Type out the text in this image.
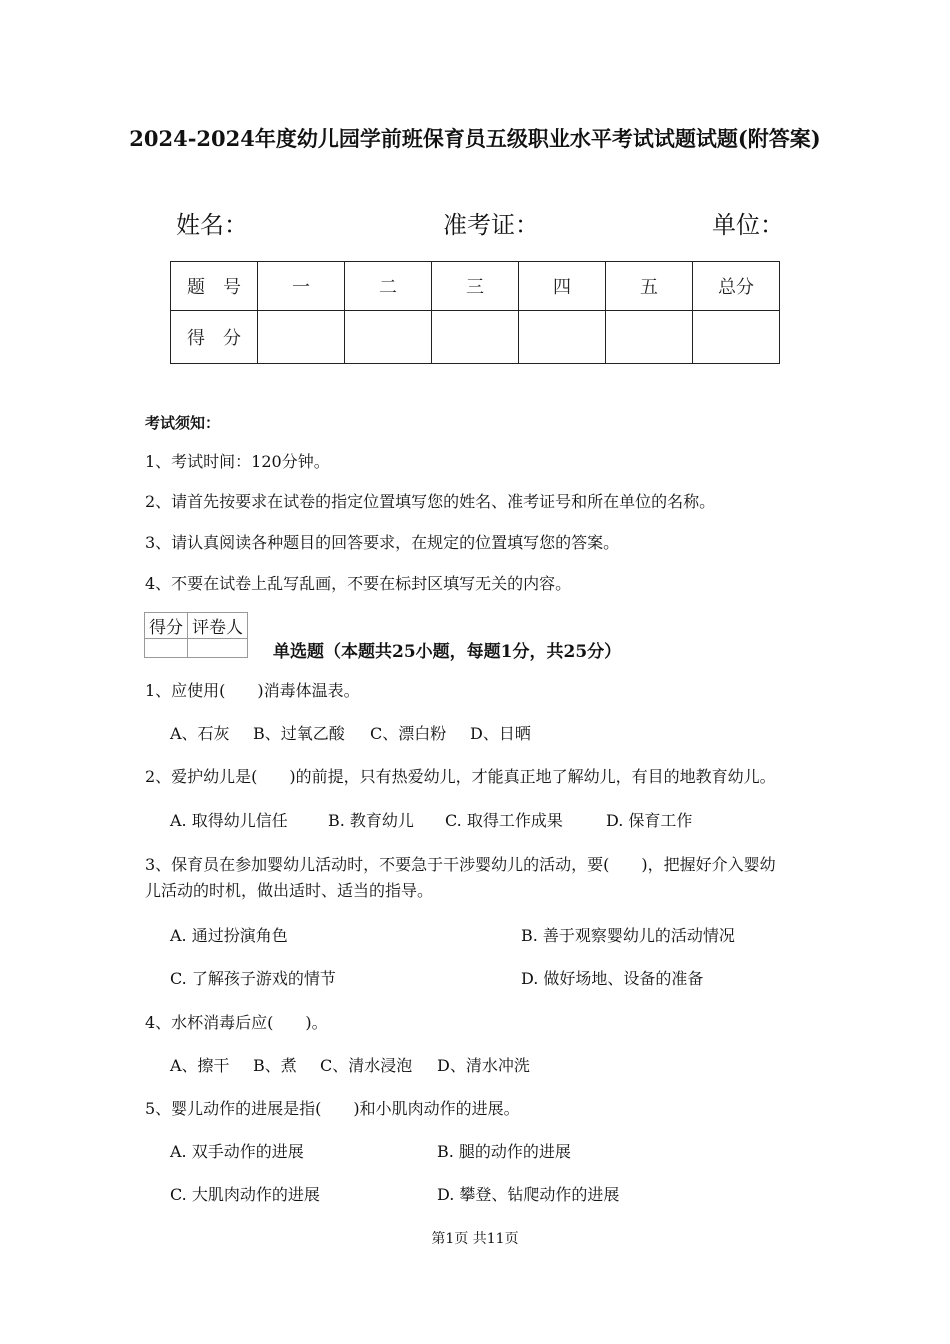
2024-2024年度幼儿园学前班保育员五级职业水平考试试题试题(附答案)
姓名：	准考证：	单位：
题　号	一	二	三	四	五	总分
得　分						
考试须知：
1、考试时间：120分钟。
2、请首先按要求在试卷的指定位置填写您的姓名、准考证号和所在单位的名称。
3、请认真阅读各种题目的回答要求，在规定的位置填写您的答案。
4、不要在试卷上乱写乱画，不要在标封区填写无关的内容。
得分	评卷人

单选题（本题共25小题，每题1分，共25分）
1、应使用(　　)消毒体温表。
A、石灰 B、过氧乙酸 C、漂白粉 D、日晒
2、爱护幼儿是(　　)的前提，只有热爱幼儿，才能真正地了解幼儿，有目的地教育幼儿。
A. 取得幼儿信任	B. 教育幼儿 C. 取得工作成果	D. 保育工作
3、保育员在参加婴幼儿活动时，不要急于干涉婴幼儿的活动，要(　　)，把握好介入婴幼
儿活动的时机，做出适时、适当的指导。
A. 通过扮演角色	B. 善于观察婴幼儿的活动情况
C. 了解孩子游戏的情节	D. 做好场地、设备的准备
4、水杯消毒后应(　　)。
A、擦干 B、煮 C、清水浸泡 D、清水冲洗
5、婴儿动作的进展是指(　　)和小肌肉动作的进展。
A. 双手动作的进展	B. 腿的动作的进展
C. 大肌肉动作的进展	D. 攀登、钻爬动作的进展
第1页 共11页
